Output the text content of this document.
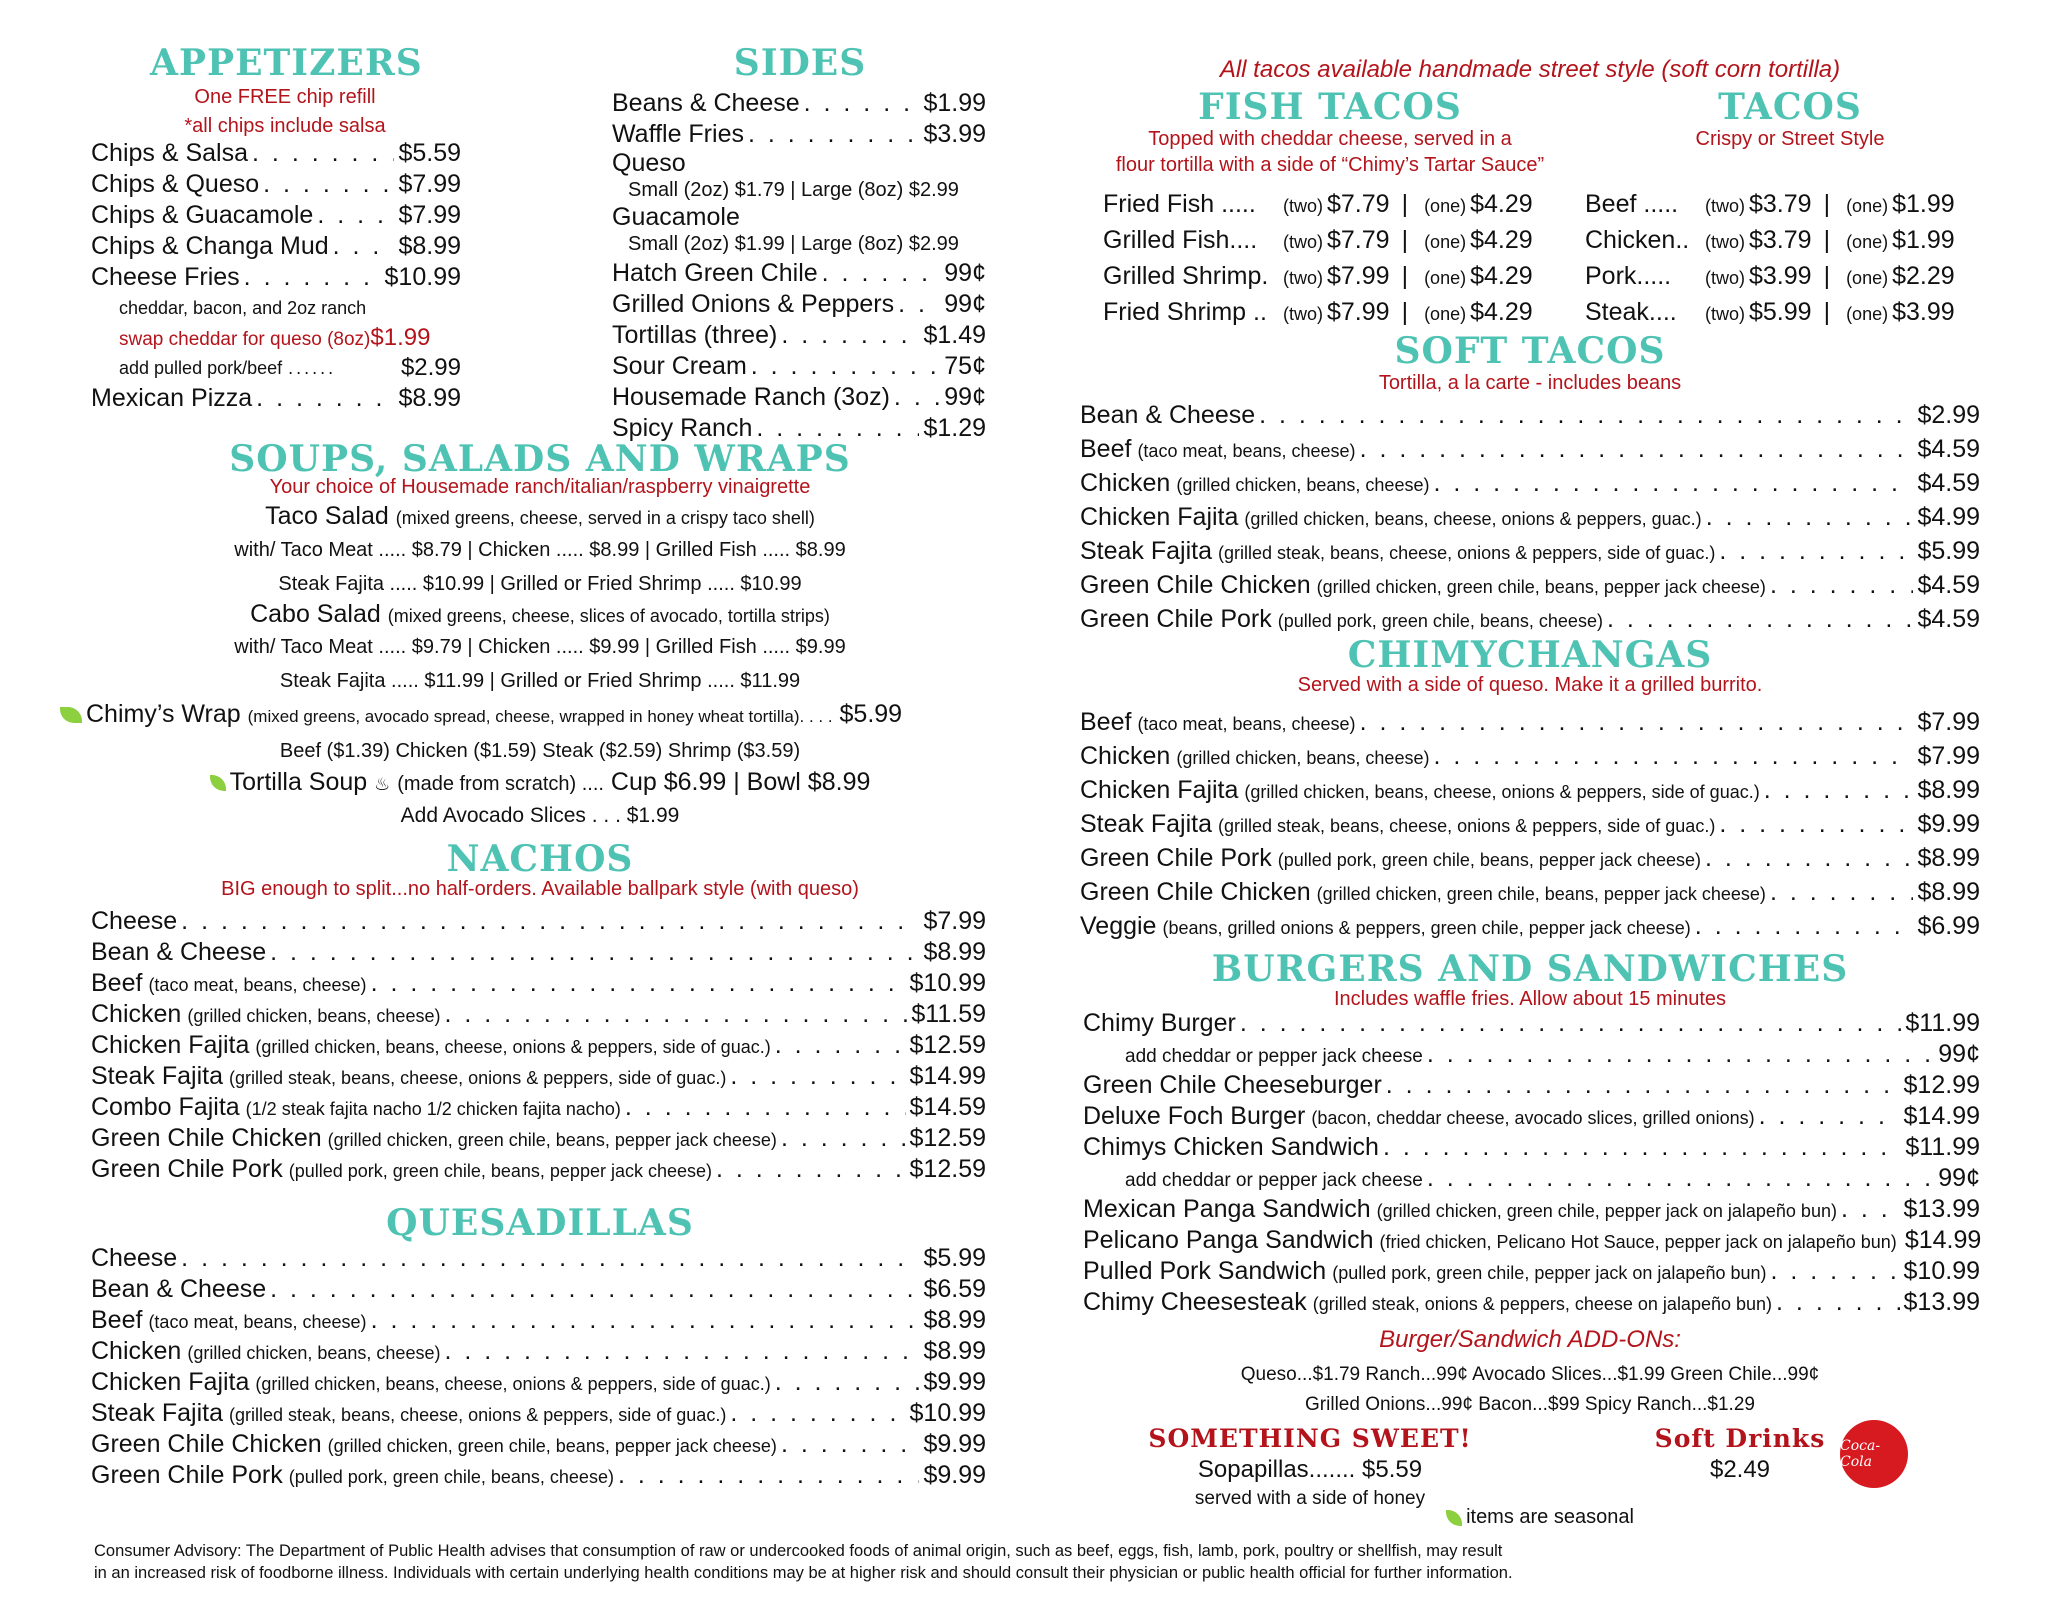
APPETIZERS
One FREE chip refill
*all chips include salsa
Chips & Salsa . . .	$5.59
Chips & Queso . . .	$7.99
Chips & Guacamole . . .	$7.99
Chips & Changa Mud . . .	$8.99
Cheese Fries . . .	$10.99
cheddar, bacon, and 2oz ranch
swap cheddar for queso (8oz)$1.99
add pulled pork/beef ......	$2.99
Mexican Pizza . . .	$8.99
SIDES
Beans & Cheese . . .	$1.99
Waffle Fries . . .	$3.99
Queso
Small (2oz) $1.79 | Large (8oz) $2.99
Guacamole
Small (2oz) $1.99 | Large (8oz) $2.99
Hatch Green Chile . . .	99¢
Grilled Onions & Peppers . . . 99¢
Tortillas (three) . . .	$1.49
Sour Cream . . .	75¢
Housemade Ranch (3oz) . . . 99¢
Spicy Ranch . . .	$1.29
SOUPS, SALADS AND WRAPS
Your choice of Housemade ranch/italian/raspberry vinaigrette
Taco Salad (mixed greens, cheese, served in a crispy taco shell)
with/ Taco Meat ..... $8.79 | Chicken ..... $8.99 | Grilled Fish ..... $8.99
Steak Fajita ..... $10.99 | Grilled or Fried Shrimp ..... $10.99
Cabo Salad (mixed greens, cheese, slices of avocado, tortilla strips)
with/ Taco Meat ..... $9.79 | Chicken ..... $9.99 | Grilled Fish ..... $9.99
Steak Fajita ..... $11.99 | Grilled or Fried Shrimp ..... $11.99
Chimy’s Wrap (mixed greens, avocado spread, cheese, wrapped in honey wheat tortilla). . . . $5.99
Beef ($1.39) Chicken ($1.59) Steak ($2.59) Shrimp ($3.59)
Tortilla Soup ♨ (made from scratch) .... Cup $6.99 | Bowl $8.99
Add Avocado Slices . . . $1.99
NACHOS
BIG enough to split...no half-orders. Available ballpark style (with queso)
Cheese . . .	$7.99
Bean & Cheese . . .	$8.99
Beef (taco meat, beans, cheese) . . .	$10.99
Chicken (grilled chicken, beans, cheese) . . .	$11.59
Chicken Fajita (grilled chicken, beans, cheese, onions & peppers, side of guac.) . . .	$12.59
Steak Fajita (grilled steak, beans, cheese, onions & peppers, side of guac.) . . .	$14.99
Combo Fajita (1/2 steak fajita nacho 1/2 chicken fajita nacho) . . .	$14.59
Green Chile Chicken (grilled chicken, green chile, beans, pepper jack cheese) . . .	$12.59
Green Chile Pork (pulled pork, green chile, beans, pepper jack cheese) . . .	$12.59
QUESADILLAS
Cheese . . .	$5.99
Bean & Cheese . . .	$6.59
Beef (taco meat, beans, cheese) . . .	$8.99
Chicken (grilled chicken, beans, cheese) . . .	$8.99
Chicken Fajita (grilled chicken, beans, cheese, onions & peppers, side of guac.) . . .	$9.99
Steak Fajita (grilled steak, beans, cheese, onions & peppers, side of guac.) . . .	$10.99
Green Chile Chicken (grilled chicken, green chile, beans, pepper jack cheese) . . .	$9.99
Green Chile Pork (pulled pork, green chile, beans, cheese) . . .	$9.99
All tacos available handmade street style (soft corn tortilla)
FISH TACOS
Topped with cheddar cheese, served in a
flour tortilla with a side of “Chimy’s Tartar Sauce”
TACOS
Crispy or Street Style
Fried Fish .....	(two) $7.79 | (one) $4.29
Grilled Fish....	(two) $7.79 | (one) $4.29
Grilled Shrimp. (two) $7.99 | (one) $4.29
Fried Shrimp .. (two) $7.99 | (one) $4.29
Beef .....	(two) $3.79 | (one) $1.99
Chicken.. (two) $3.79 | (one) $1.99
Pork.....	(two) $3.99 | (one) $2.29
Steak....	(two) $5.99 | (one) $3.99
SOFT TACOS
Tortilla, a la carte - includes beans
Bean & Cheese . . .	$2.99
Beef (taco meat, beans, cheese) . . .	$4.59
Chicken (grilled chicken, beans, cheese) . . .	$4.59
Chicken Fajita (grilled chicken, beans, cheese, onions & peppers, guac.) . . .	$4.99
Steak Fajita (grilled steak, beans, cheese, onions & peppers, side of guac.) . . .	$5.99
Green Chile Chicken (grilled chicken, green chile, beans, pepper jack cheese) . . .	$4.59
Green Chile Pork (pulled pork, green chile, beans, cheese) . . .	$4.59
CHIMYCHANGAS
Served with a side of queso. Make it a grilled burrito.
Beef (taco meat, beans, cheese) . . .	$7.99
Chicken (grilled chicken, beans, cheese) . . .	$7.99
Chicken Fajita (grilled chicken, beans, cheese, onions & peppers, side of guac.) . . .	$8.99
Steak Fajita (grilled steak, beans, cheese, onions & peppers, side of guac.) . . .	$9.99
Green Chile Pork (pulled pork, green chile, beans, pepper jack cheese) . . .	$8.99
Green Chile Chicken (grilled chicken, green chile, beans, pepper jack cheese) . . .	$8.99
Veggie (beans, grilled onions & peppers, green chile, pepper jack cheese) . . .	$6.99
BURGERS AND SANDWICHES
Includes waffle fries. Allow about 15 minutes
Chimy Burger . . .	$11.99
add cheddar or pepper jack cheese . . .	99¢
Green Chile Cheeseburger . . .	$12.99
Deluxe Foch Burger (bacon, cheddar cheese, avocado slices, grilled onions) . . .	$14.99
Chimys Chicken Sandwich . . .	$11.99
add cheddar or pepper jack cheese . . .	99¢
Mexican Panga Sandwich (grilled chicken, green chile, pepper jack on jalapeño bun) . . .	$13.99
Pelicano Panga Sandwich (fried chicken, Pelicano Hot Sauce, pepper jack on jalapeño bun) $14.99
Pulled Pork Sandwich (pulled pork, green chile, pepper jack on jalapeño bun) . . .	$10.99
Chimy Cheesesteak (grilled steak, onions & peppers, cheese on jalapeño bun) . . .	$13.99
Burger/Sandwich ADD-ONs:
Queso...$1.79 Ranch...99¢ Avocado Slices...$1.99 Green Chile...99¢
Grilled Onions...99¢ Bacon...$99 Spicy Ranch...$1.29
SOMETHING SWEET!
Sopapillas....... $5.59
served with a side of honey
Soft Drinks
$2.49
Coca-Cola
items are seasonal
Consumer Advisory: The Department of Public Health advises that consumption of raw or undercooked foods of animal origin, such as beef, eggs, fish, lamb, pork, poultry or shellfish, may result
in an increased risk of foodborne illness. Individuals with certain underlying health conditions may be at higher risk and should consult their physician or public health official for further information.
